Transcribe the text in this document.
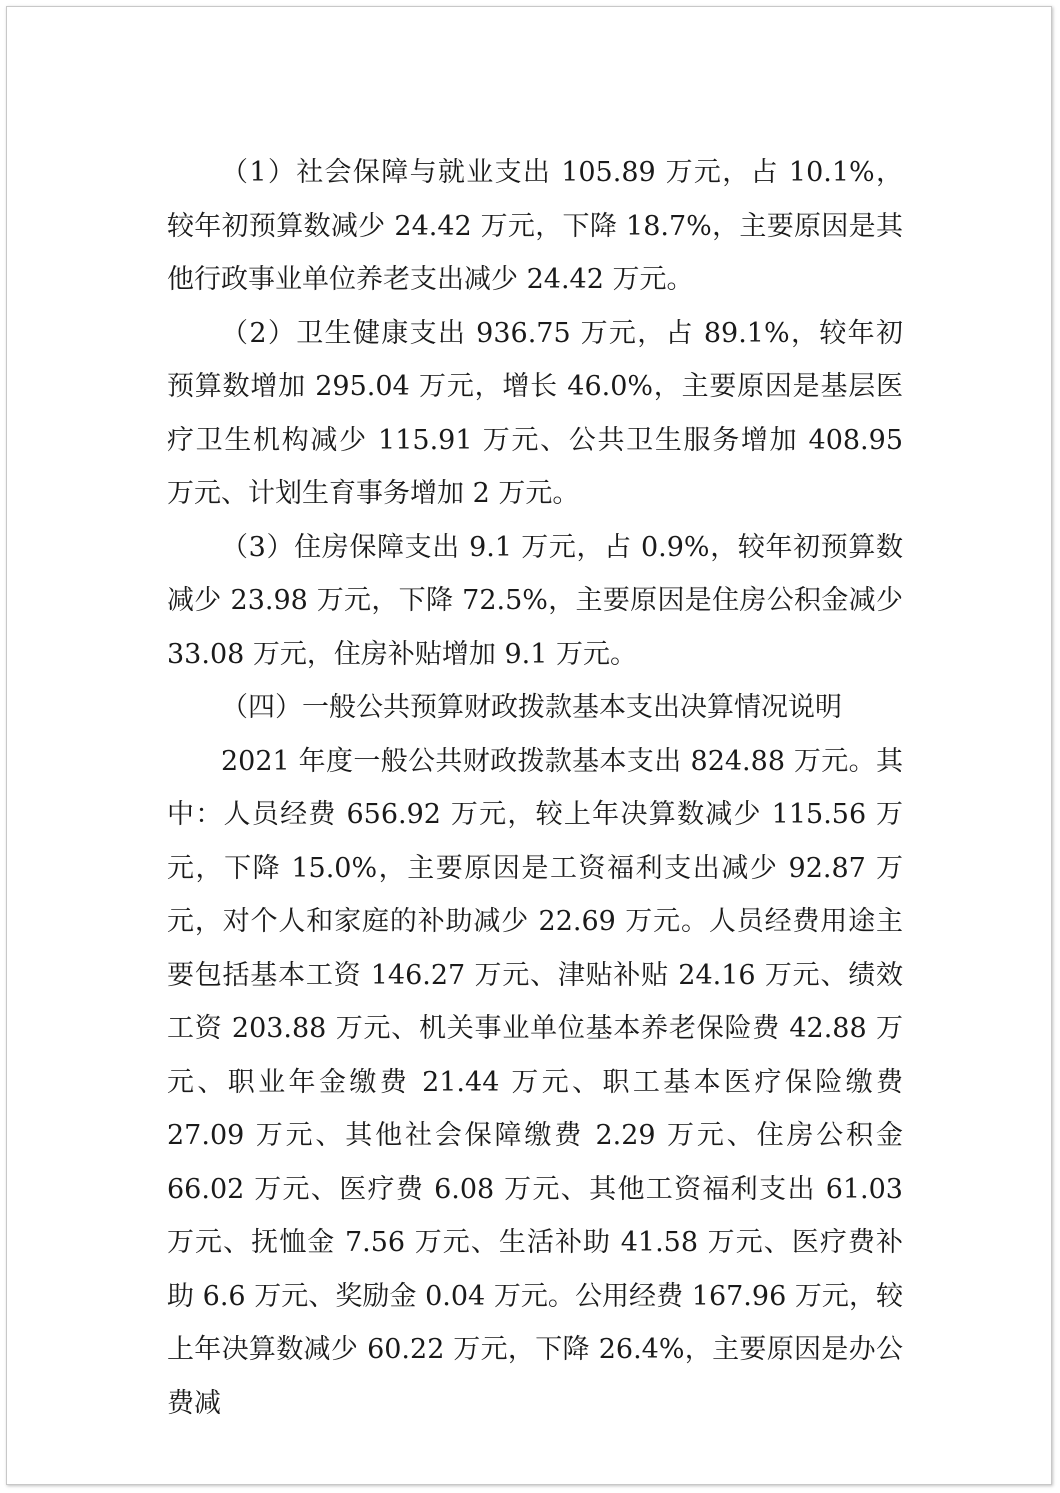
（1）社会保障与就业支出 105.89 万元，占 10.1%，较年初预算数减少 24.42 万元，下降 18.7%，主要原因是其他行政事业单位养老支出减少 24.42 万元。

（2）卫生健康支出 936.75 万元，占 89.1%，较年初预算数增加 295.04 万元，增长 46.0%，主要原因是基层医疗卫生机构减少 115.91 万元、公共卫生服务增加 408.95 万元、计划生育事务增加 2 万元。

（3）住房保障支出 9.1 万元，占 0.9%，较年初预算数减少 23.98 万元，下降 72.5%，主要原因是住房公积金减少 33.08 万元，住房补贴增加 9.1 万元。

（四）一般公共预算财政拨款基本支出决算情况说明

2021 年度一般公共财政拨款基本支出 824.88 万元。其中：人员经费 656.92 万元，较上年决算数减少 115.56 万元，下降 15.0%，主要原因是工资福利支出减少 92.87 万元，对个人和家庭的补助减少 22.69 万元。人员经费用途主要包括基本工资 146.27 万元、津贴补贴 24.16 万元、绩效工资 203.88 万元、机关事业单位基本养老保险费 42.88 万元、职业年金缴费 21.44 万元、职工基本医疗保险缴费 27.09 万元、其他社会保障缴费 2.29 万元、住房公积金 66.02 万元、医疗费 6.08 万元、其他工资福利支出 61.03 万元、抚恤金 7.56 万元、生活补助 41.58 万元、医疗费补助 6.6 万元、奖励金 0.04 万元。公用经费 167.96 万元，较上年决算数减少 60.22 万元，下降 26.4%，主要原因是办公费减
